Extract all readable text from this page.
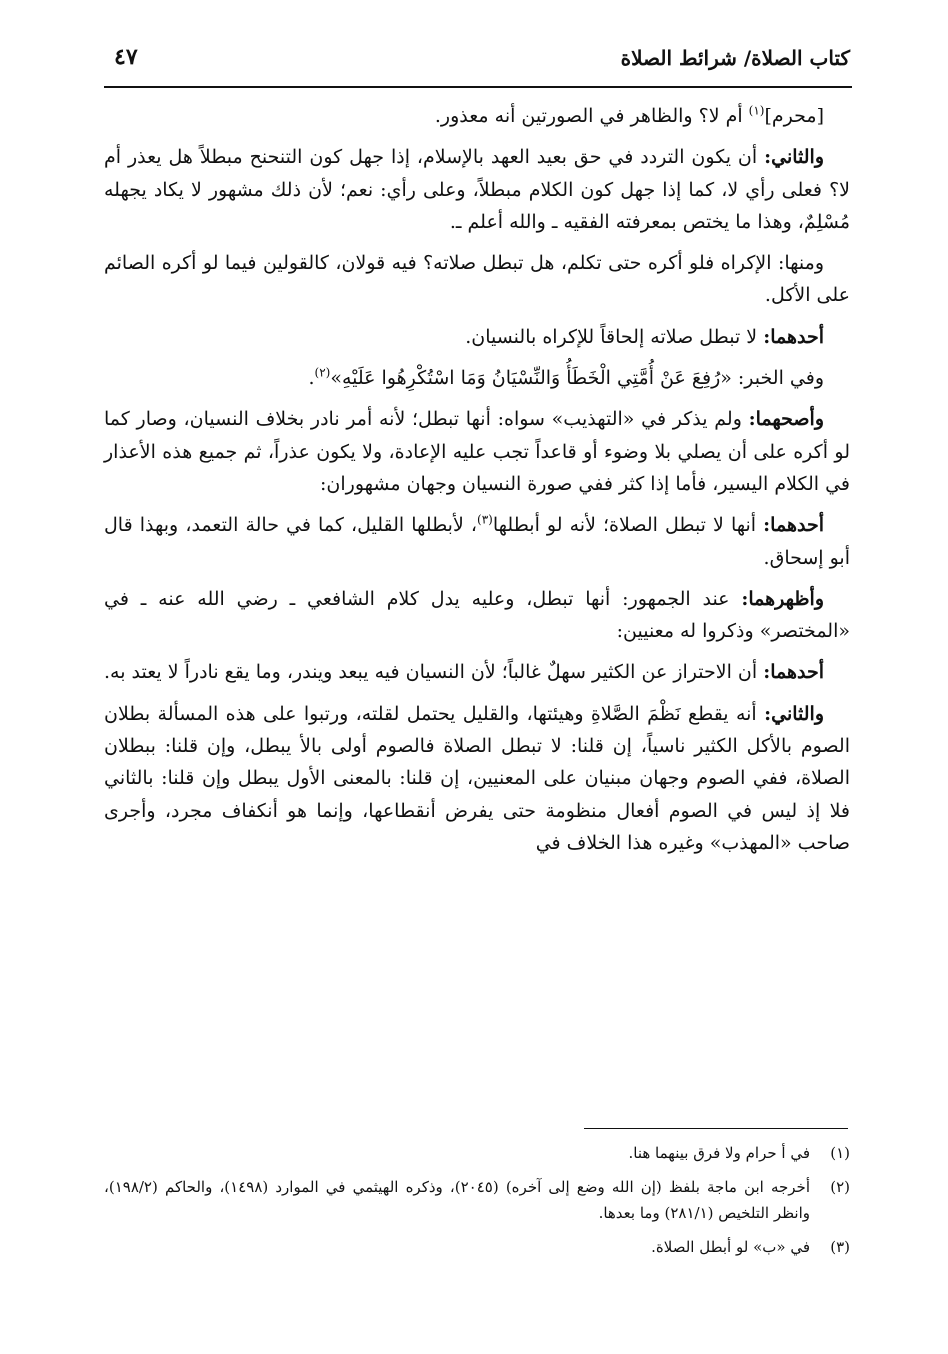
كتاب الصلاة/ شرائط الصلاة
٤٧

[محرم]$^{(١)}$ أم لا؟ والظاهر في الصورتين أنه معذور.

والثاني: أن يكون التردد في حق بعيد العهد بالإسلام، إذا جهل كون التنحنح مبطلاً هل يعذر أم لا؟ فعلى رأي لا، كما إذا جهل كون الكلام مبطلاً، وعلى رأي: نعم؛ لأن ذلك مشهور لا يكاد يجهله مُسْلِمٌ، وهذا ما يختص بمعرفته الفقيه ـ والله أعلم ـ.

ومنها: الإكراه فلو أكره حتى تكلم، هل تبطل صلاته؟ فيه قولان، كالقولين فيما لو أكره الصائم على الأكل.

أحدهما: لا تبطل صلاته إلحاقاً للإكراه بالنسيان.

وفي الخبر: «رُفِعَ عَنْ أُمَّتِي الْخَطَأُ وَالنِّسْيَانُ وَمَا اسْتُكْرِهُوا عَلَيْهِ»$^{(٢)}$.

وأصحهما: ولم يذكر في «التهذيب» سواه: أنها تبطل؛ لأنه أمر نادر بخلاف النسيان، وصار كما لو أكره على أن يصلي بلا وضوء أو قاعداً تجب عليه الإعادة، ولا يكون عذراً، ثم جميع هذه الأعذار في الكلام اليسير، فأما إذا كثر ففي صورة النسيان وجهان مشهوران:

أحدهما: أنها لا تبطل الصلاة؛ لأنه لو أبطلها$^{(٣)}$، لأبطلها القليل، كما في حالة التعمد، وبهذا قال أبو إسحاق.

وأظهرهما: عند الجمهور: أنها تبطل، وعليه يدل كلام الشافعي ـ رضي الله عنه ـ في «المختصر» وذكروا له معنيين:

أحدهما: أن الاحتراز عن الكثير سهلٌ غالباً؛ لأن النسيان فيه يبعد ويندر، وما يقع نادراً لا يعتد به.

والثاني: أنه يقطع نَظْمَ الصَّلاةِ وهيئتها، والقليل يحتمل لقلته، ورتبوا على هذه المسألة بطلان الصوم بالأكل الكثير ناسياً، إن قلنا: لا تبطل الصلاة فالصوم أولى بالأ يبطل، وإن قلنا: ببطلان الصلاة، ففي الصوم وجهان مبنيان على المعنيين، إن قلنا: بالمعنى الأول يبطل وإن قلنا: بالثاني فلا إذ ليس في الصوم أفعال منظومة حتى يفرض أنقطاعها، وإنما هو أنكفاف مجرد، وأجرى صاحب «المهذب» وغيره هذا الخلاف في

(١)
في أ حرام ولا فرق بينهما هنا.
(٢)
أخرجه ابن ماجة بلفظ (إن الله وضع إلى آخره) (٢٠٤٥)، وذكره الهيثمي في الموارد (١٤٩٨)، والحاكم (١٩٨/٢)، وانظر التلخيص (٢٨١/١) وما بعدها.
(٣)
في «ب» لو أبطل الصلاة.
